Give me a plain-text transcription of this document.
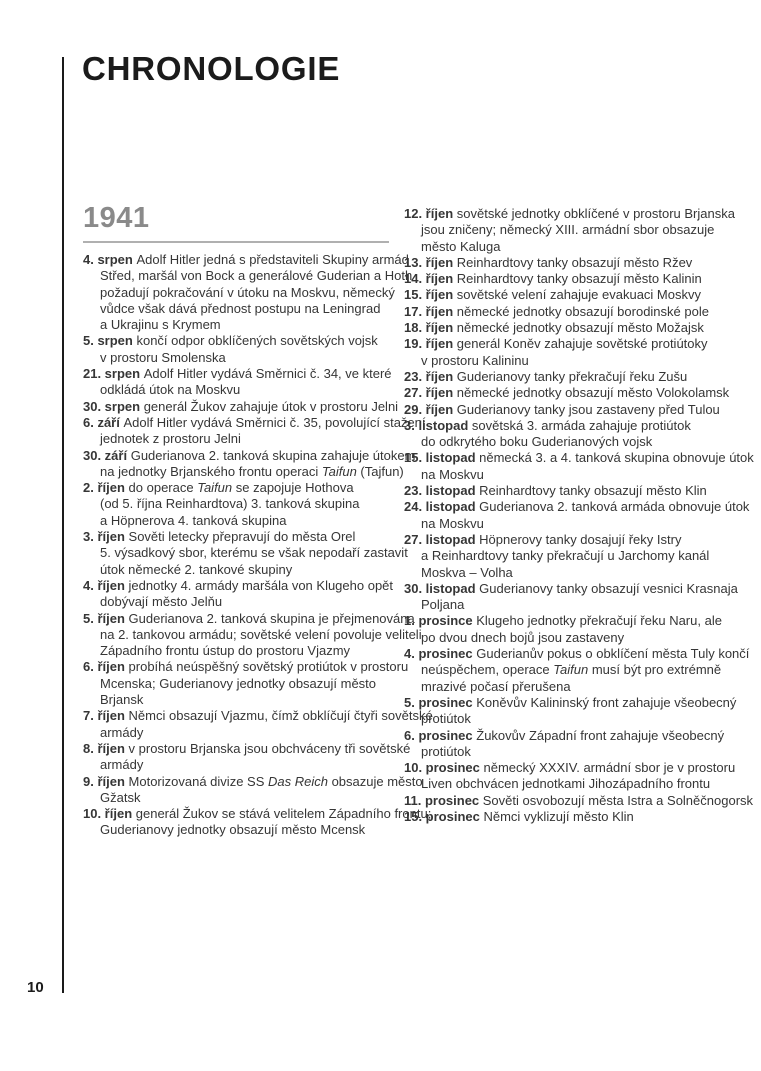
CHRONOLOGIE
1941
4. srpen Adolf Hitler jedná s představiteli Skupiny armád
Střed, maršál von Bock a generálové Guderian a Hoth
požadují pokračování v útoku na Moskvu, německý
vůdce však dává přednost postupu na Leningrad
a Ukrajinu s Krymem
5. srpen končí odpor obklíčených sovětských vojsk
v prostoru Smolenska
21. srpen Adolf Hitler vydává Směrnici č. 34, ve které
odkládá útok na Moskvu
30. srpen generál Žukov zahajuje útok v prostoru Jelni
6. září Adolf Hitler vydává Směrnici č. 35, povolující stažení
jednotek z prostoru Jelni
30. září Guderianova 2. tanková skupina zahajuje útokem
na jednotky Brjanského frontu operaci Taifun (Tajfun)
2. říjen do operace Taifun se zapojuje Hothova
(od 5. října Reinhardtova) 3. tanková skupina
a Höpnerova 4. tanková skupina
3. říjen Sověti letecky přepravují do města Orel
5. výsadkový sbor, kterému se však nepodaří zastavit
útok německé 2. tankové skupiny
4. říjen jednotky 4. armády maršála von Klugeho opět
dobývají město Jelňu
5. říjen Guderianova 2. tanková skupina je přejmenována
na 2. tankovou armádu; sovětské velení povoluje veliteli
Západního frontu ústup do prostoru Vjazmy
6. říjen probíhá neúspěšný sovětský protiútok v prostoru
Mcenska; Guderianovy jednotky obsazují město
Brjansk
7. říjen Němci obsazují Vjazmu, čímž obklíčují čtyři sovětské
armády
8. říjen v prostoru Brjanska jsou obchváceny tři sovětské
armády
9. říjen Motorizovaná divize SS Das Reich obsazuje město
Gžatsk
10. říjen generál Žukov se stává velitelem Západního frontu;
Guderianovy jednotky obsazují město Mcensk
12. říjen sovětské jednotky obklíčené v prostoru Brjanska
jsou zničeny; německý XIII. armádní sbor obsazuje
město Kaluga
13. říjen Reinhardtovy tanky obsazují město Ržev
14. říjen Reinhardtovy tanky obsazují město Kalinin
15. říjen sovětské velení zahajuje evakuaci Moskvy
17. říjen německé jednotky obsazují borodinské pole
18. říjen německé jednotky obsazují město Možajsk
19. říjen generál Koněv zahajuje sovětské protiútoky
v prostoru Kalininu
23. říjen Guderianovy tanky překračují řeku Zušu
27. říjen německé jednotky obsazují město Volokolamsk
29. říjen Guderianovy tanky jsou zastaveny před Tulou
3. listopad sovětská 3. armáda zahajuje protiútok
do odkrytého boku Guderianových vojsk
15. listopad německá 3. a 4. tanková skupina obnovuje útok
na Moskvu
23. listopad Reinhardtovy tanky obsazují město Klin
24. listopad Guderianova 2. tanková armáda obnovuje útok
na Moskvu
27. listopad Höpnerovy tanky dosajují řeky Istry
a Reinhardtovy tanky překračují u Jarchomy kanál
Moskva – Volha
30. listopad Guderianovy tanky obsazují vesnici Krasnaja
Poljana
1. prosince Klugeho jednotky překračují řeku Naru, ale
po dvou dnech bojů jsou zastaveny
4. prosinec Guderianův pokus o obklíčení města Tuly končí
neúspěchem, operace Taifun musí být pro extrémně
mrazivé počasí přerušena
5. prosinec Koněvův Kalininský front zahajuje všeobecný
protiútok
6. prosinec Žukovův Západní front zahajuje všeobecný
protiútok
10. prosinec německý XXXIV. armádní sbor je v prostoru
Liven obchvácen jednotkami Jihozápadního frontu
11. prosinec Sověti osvobozují města Istra a Solněčnogorsk
15. prosinec Němci vyklizují město Klin
10
